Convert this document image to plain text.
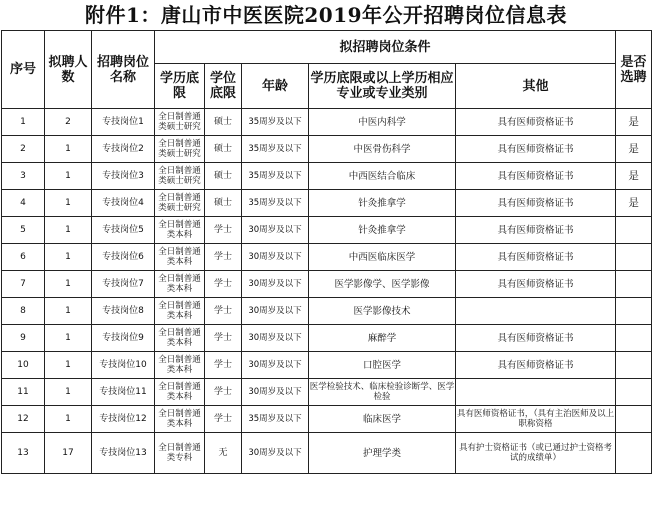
附件1：唐山市中医医院2019年公开招聘岗位信息表
序号	拟聘人数	招聘岗位名称	拟招聘岗位条件					是否选聘
			学历底限	学位底限	年龄	学历底限或以上学历相应专业或专业类别	其他	
1	2	专技岗位1	全日制普通类硕士研究	硕士	35周岁及以下	中医内科学	具有医师资格证书	是
2	1	专技岗位2	全日制普通类硕士研究	硕士	35周岁及以下	中医骨伤科学	具有医师资格证书	是
3	1	专技岗位3	全日制普通类硕士研究	硕士	35周岁及以下	中西医结合临床	具有医师资格证书	是
4	1	专技岗位4	全日制普通类硕士研究	硕士	35周岁及以下	针灸推拿学	具有医师资格证书	是
5	1	专技岗位5	全日制普通类本科	学士	30周岁及以下	针灸推拿学	具有医师资格证书	
6	1	专技岗位6	全日制普通类本科	学士	30周岁及以下	中西医临床医学	具有医师资格证书	
7	1	专技岗位7	全日制普通类本科	学士	30周岁及以下	医学影像学、医学影像	具有医师资格证书	
8	1	专技岗位8	全日制普通类本科	学士	30周岁及以下	医学影像技术		
9	1	专技岗位9	全日制普通类本科	学士	30周岁及以下	麻醉学	具有医师资格证书	
10	1	专技岗位10	全日制普通类本科	学士	30周岁及以下	口腔医学	具有医师资格证书	
11	1	专技岗位11	全日制普通类本科	学士	30周岁及以下	医学检验技术、临床检验诊断学、医学检验		
12	1	专技岗位12	全日制普通类本科	学士	35周岁及以下	临床医学	具有医师资格证书，（具有主治医师及以上职称资格	
13	17	专技岗位13	全日制普通类专科	无	30周岁及以下	护理学类	具有护士资格证书（或已通过护士资格考试的成绩单）	
